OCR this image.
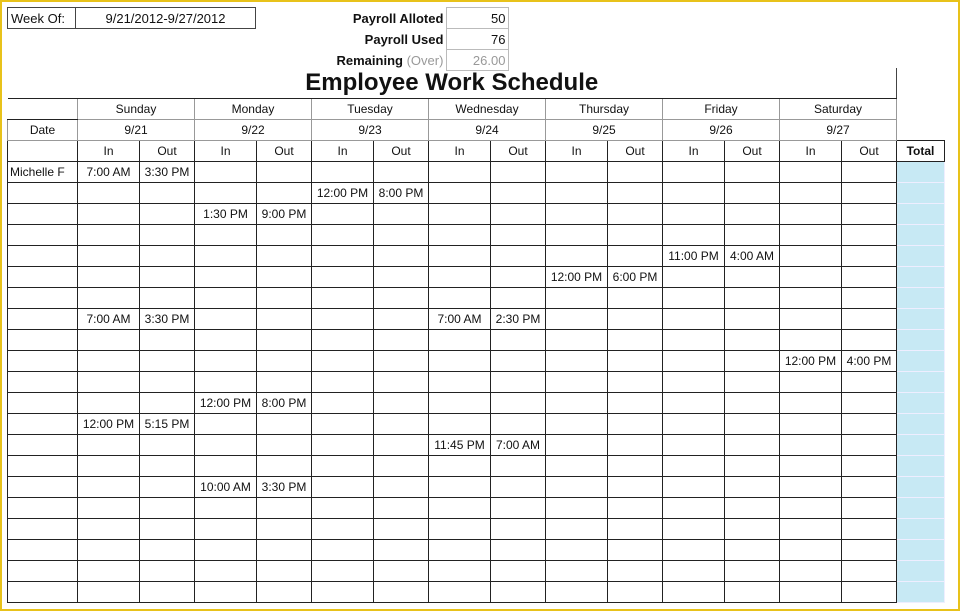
Week Of:	9/21/2012-9/27/2012		Payroll Alloted	50
			Payroll Used	76
			Remaining (Over)	26.00
Employee Work Schedule															
	Sunday		Monday		Tuesday		Wednesday		Thursday		Friday		Saturday		
Date	9/21		9/22		9/23		9/24		9/25		9/26		9/27		
	In	Out	In	Out	In	Out	In	Out	In	Out	In	Out	In	Out	Total
Michelle F	7:00 AM	3:30 PM													
					12:00 PM	8:00 PM									
			1:30 PM	9:00 PM											

											11:00 PM	4:00 AM			
									12:00 PM	6:00 PM					

	7:00 AM	3:30 PM					7:00 AM	2:30 PM							

													12:00 PM	4:00 PM	

			12:00 PM	8:00 PM											
	12:00 PM	5:15 PM													
							11:45 PM	7:00 AM							

			10:00 AM	3:30 PM											
